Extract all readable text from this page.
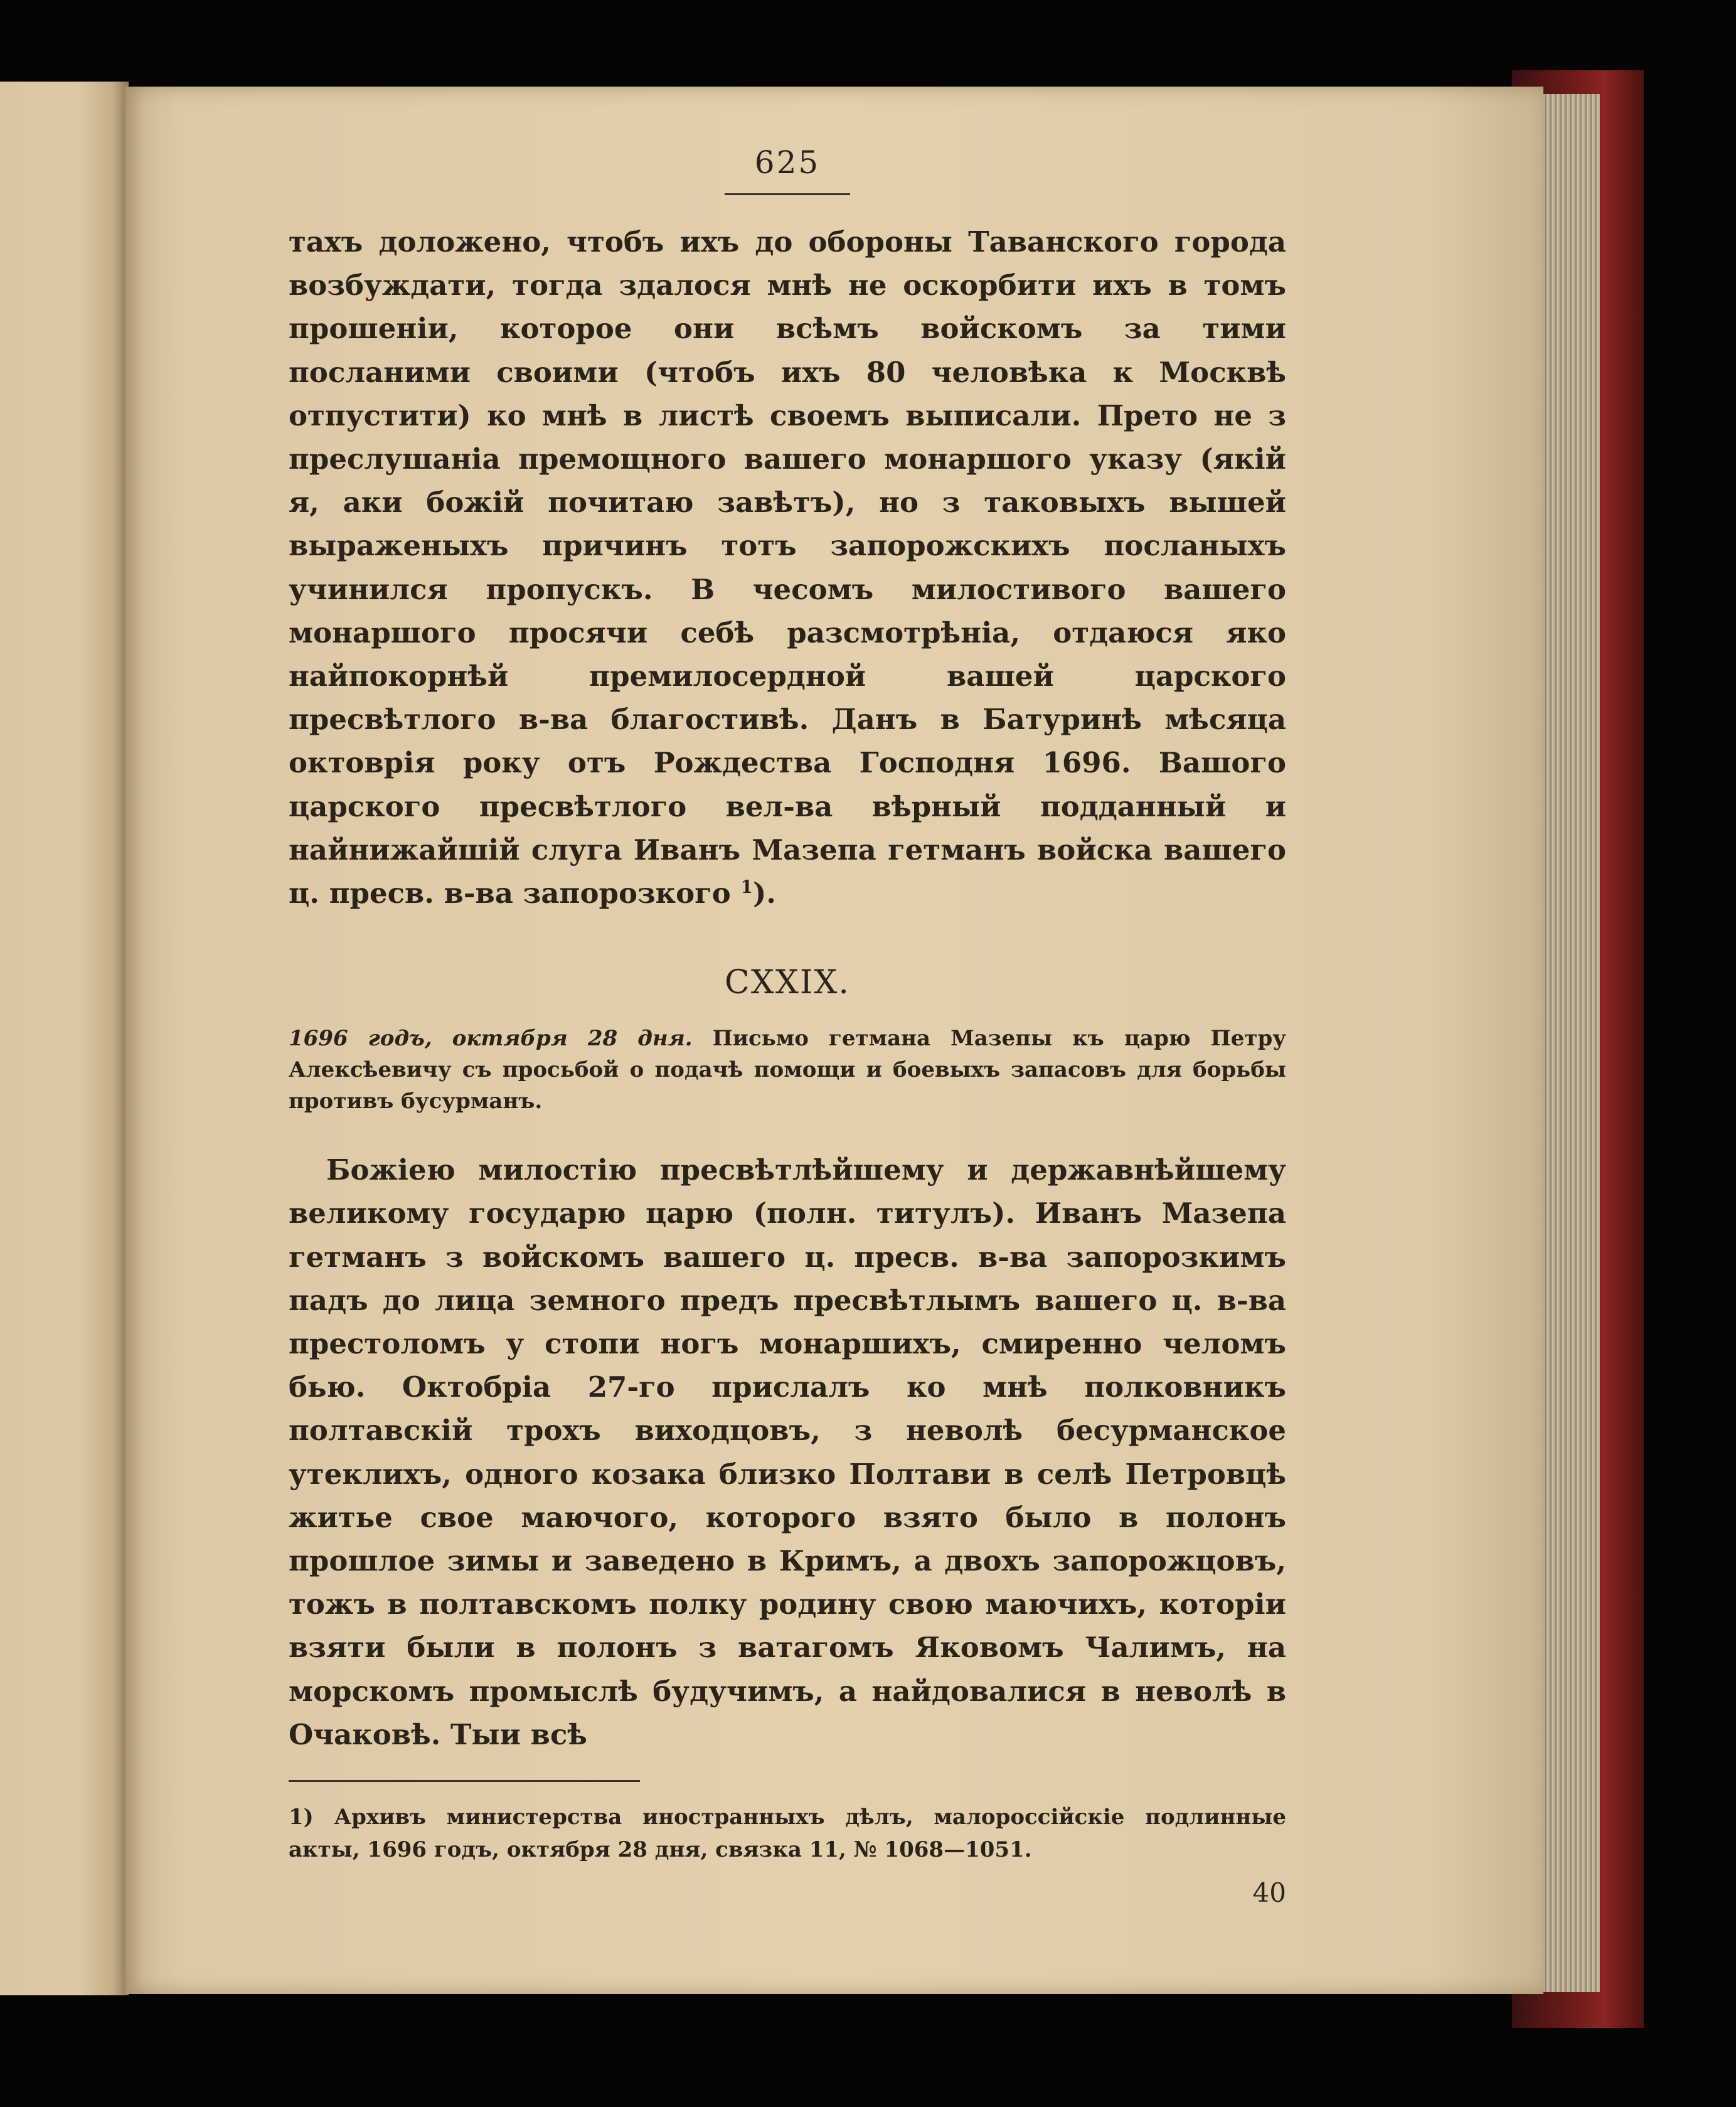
625

тахъ доложено, чтобъ ихъ до обороны Таванского города возбуждати, тогда здалося мнѣ не оскорбити ихъ в томъ прошеніи, которое они всѣмъ войскомъ за тими посланими своими (чтобъ ихъ 80 человѣка к Москвѣ отпустити) ко мнѣ в листѣ своемъ выписали. Прето не з преслушаніа премощного вашего монаршого указу (якій я, аки божій почитаю завѣтъ), но з таковыхъ вышей выраженыхъ причинъ тотъ запорожскихъ посланыхъ учинился пропускъ. В чесомъ милостивого вашего монаршого просячи себѣ разсмотрѣніа, отдаюся яко найпокорнѣй премилосердной вашей царского пресвѣтлого в-ва благостивѣ. Данъ в Батуринѣ мѣсяца октоврія року отъ Рождества Господня 1696. Вашого царского пресвѣтлого вел-ва вѣрный подданный и найнижайшій слуга Иванъ Мазепа гетманъ войска вашего ц. пресв. в-ва запорозкого $^1$).

CXXIX.

1696 годъ, октября 28 дня. Письмо гетмана Мазепы къ царю Петру Алексѣевичу съ просьбой о подачѣ помощи и боевыхъ запасовъ для борьбы противъ бусурманъ.

Божіею милостію пресвѣтлѣйшему и державнѣйшему великому государю царю (полн. титулъ). Иванъ Мазепа гетманъ з войскомъ вашего ц. пресв. в-ва запорозкимъ падъ до лица земного предъ пресвѣтлымъ вашего ц. в-ва престоломъ у стопи ногъ монаршихъ, смиренно челомъ бью. Октобріа 27-го прислалъ ко мнѣ полковникъ полтавскій трохъ виходцовъ, з неволѣ бесурманское утеклихъ, одного козака близко Полтави в селѣ Петровцѣ житье свое маючого, которого взято было в полонъ прошлое зимы и заведено в Кримъ, а двохъ запорожцовъ, тожъ в полтавскомъ полку родину свою маючихъ, которіи взяти были в полонъ з ватагомъ Яковомъ Чалимъ, на морскомъ промыслѣ будучимъ, а найдовалися в неволѣ в Очаковѣ. Тыи всѣ

1) Архивъ министерства иностранныхъ дѣлъ, малороссійскіе подлинные акты, 1696 годъ, октября 28 дня, связка 11, № 1068—1051.

40
